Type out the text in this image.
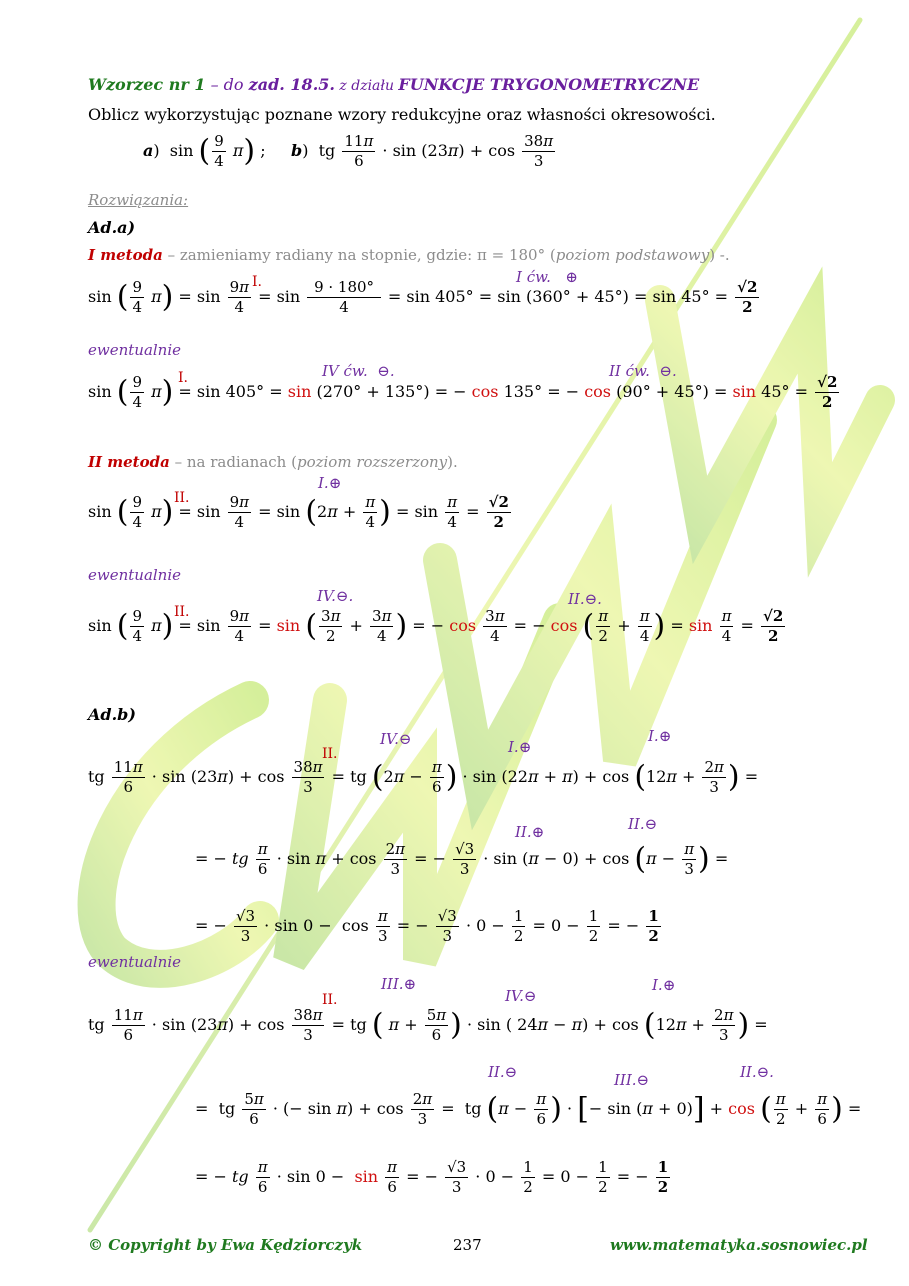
Wzorzec nr 1 – do zad. 18.5. z działu FUNKCJE TRYGONOMETRYCZNE
Oblicz wykorzystując poznane wzory redukcyjne oraz własności okresowości.
a)  sin ( $\frac{9}{4} \pi$) ;     b)  tg $\frac{11\pi}{6} \cdot \sin (23\pi) + \cos \frac{38\pi}{3}$
Rozwiązania:
Ad.a)
I metoda – zamieniamy radiany na stopnie, gdzie: π = 180° (poziom podstawowy) -.
I ćw.   ⊕
I.
sin ( $\frac{9}{4} \pi) = \sin \frac{9\pi}{4} = \sin \frac{9 \cdot 180^\circ}{4} = \sin 405^\circ = \sin (360^\circ + 45^\circ) = \sin 45^\circ = \frac{√2}{2}$
ewentualnie
IV ćw.  ⊖.	II ćw.  ⊖.
I.
sin ( $\frac{9}{4} \pi) = \sin 405^\circ = \sin (270^\circ + 135^\circ)$ = − cos 135° = − $\cos (90^\circ + 45^\circ) = \sin 45^\circ = \frac{√2}{2}$
II metoda – na radianach (poziom rozszerzony).
I.⊕
II.
sin ( $\frac{9}{4} \pi) = \sin \frac{9\pi}{4} = \sin (2\pi + \frac{\pi}{4}$ ) = $\sin \frac{\pi}{4} = \frac{√2}{2}$
ewentualnie
IV.⊖.	II.⊖.
II.
sin ( $\frac{9}{4} \pi) = \sin \frac{9\pi}{4} = \sin$ ( $\frac{3\pi}{2} + \frac{3\pi}{4}$ ) = − $\cos \frac{3\pi}{4}$ = − cos ( $\frac{\pi}{2} + \frac{\pi}{4}$ ) = $\sin \frac{\pi}{4} = \frac{√2}{2}$
Ad.b)
IV.⊖	I.⊕
I.⊕
II.
tg $\frac{11\pi}{6} \cdot \sin (23\pi) + \cos \frac{38\pi}{3}$ = tg ($2\pi - \frac{\pi}{6}$ ) · $\sin (22\pi + \pi) + \cos (12\pi + \frac{2\pi}{3}$ ) =
II.⊕	II.⊖
= − tg $\frac{\pi}{6} \cdot \sin \pi + \cos \frac{2\pi}{3}$ = − $\frac{√3}{3} \cdot \sin (\pi - 0) + \cos (\pi - \frac{\pi}{3}$ ) =
= − $\frac{√3}{3} \cdot \sin 0 - \cos \frac{\pi}{3}$ = − $\frac{√3}{3} \cdot 0 - \frac{1}{2} = 0 - \frac{1}{2}$ = − $\frac{1}{2}$
ewentualnie
III.⊕
IV.⊖
I.⊕
II.
tg $\frac{11\pi}{6} \cdot \sin (23\pi) + \cos \frac{38\pi}{3}$ = tg ( $\pi + \frac{5\pi}{6}$ ) · sin ( $24\pi - \pi) + \cos (12\pi + \frac{2\pi}{3}$ ) =
II.⊖	III.⊖	II.⊖.
=  tg $\frac{5\pi}{6}$ · (− $\sin \pi) + \cos \frac{2\pi}{3}$ =  tg ($\pi - \frac{\pi}{6}$ ) · [− sin (π + 0)] + cos ( $\frac{\pi}{2} + \frac{\pi}{6}$ ) =
= − tg $\frac{\pi}{6} \cdot \sin 0 - \sin \frac{\pi}{6}$ = − $\frac{√3}{3} \cdot 0 - \frac{1}{2} = 0 - \frac{1}{2}$ = − $\frac{1}{2}$
© Copyright by Ewa Kędziorczyk	237	www.matematyka.sosnowiec.pl
